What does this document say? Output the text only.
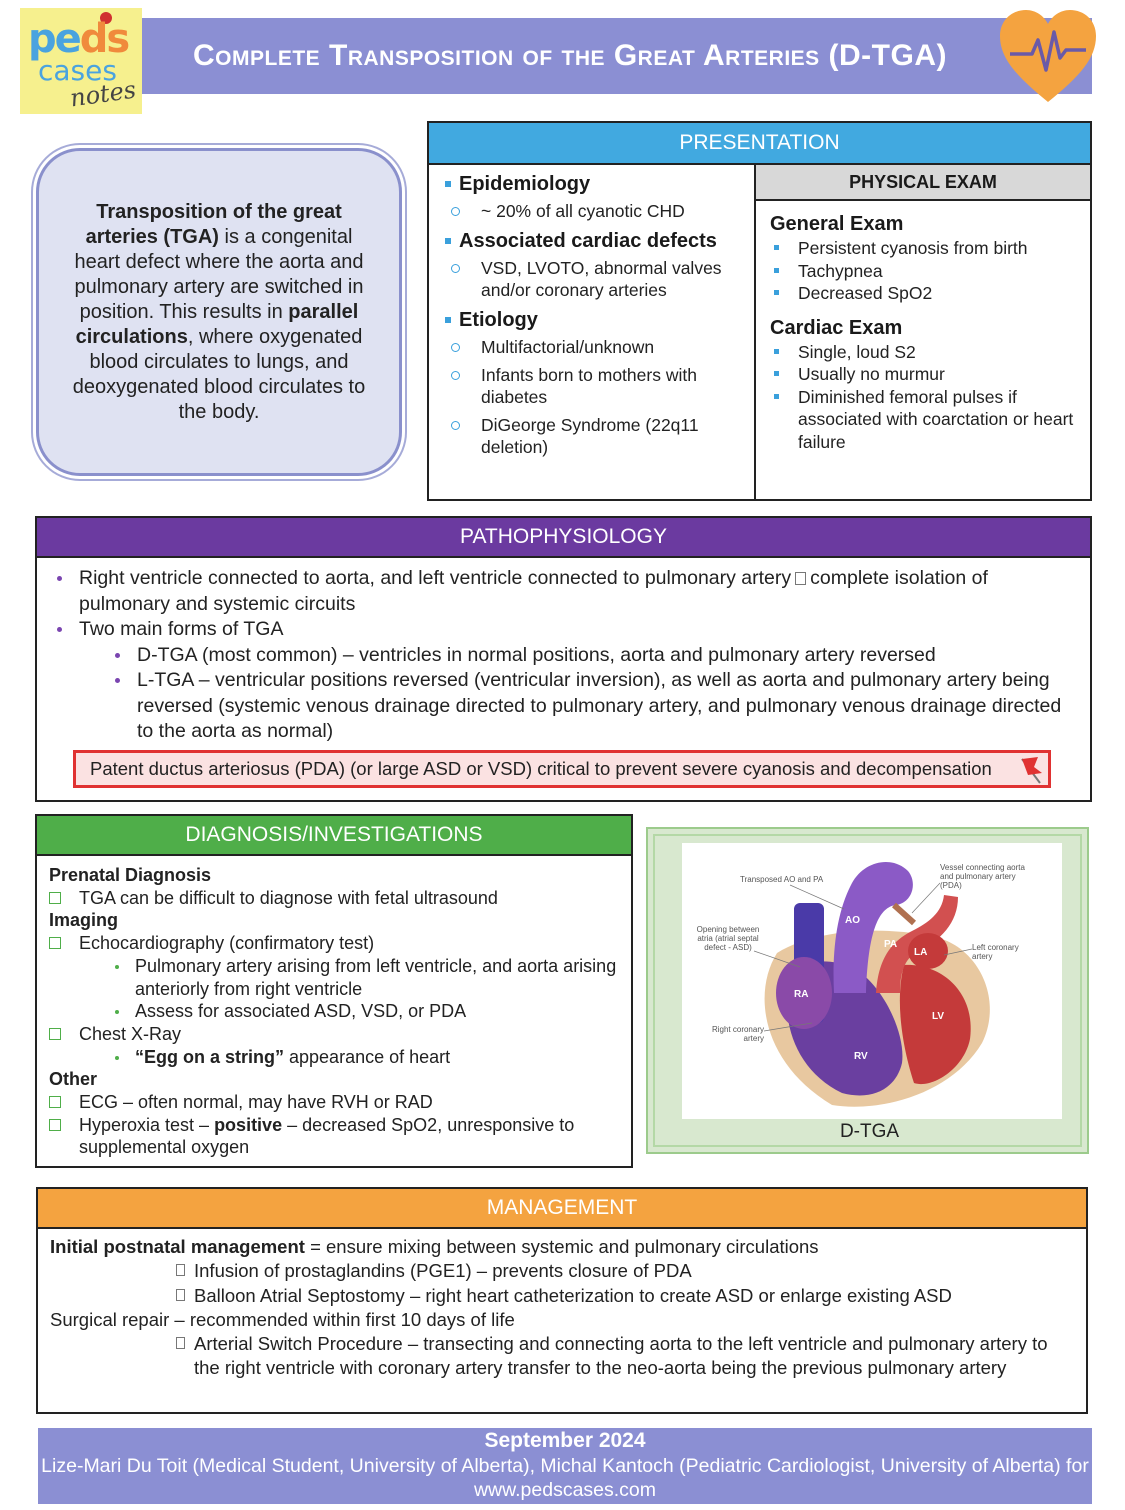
peds
cases
notes
Complete Transposition of the Great Arteries (D-TGA)

Transposition of the great arteries (TGA) is a congenital heart defect where the aorta and pulmonary artery are switched in position. This results in parallel circulations, where oxygenated blood circulates to lungs, and deoxygenated blood circulates to the body.

PRESENTATION
Epidemiology
~ 20% of all cyanotic CHD
Associated cardiac defects
VSD, LVOTO, abnormal valves and/or coronary arteries
Etiology
Multifactorial/unknown
Infants born to mothers with diabetes
DiGeorge Syndrome (22q11 deletion)
PHYSICAL EXAM
General Exam
Persistent cyanosis from birth
Tachypnea
Decreased SpO2
Cardiac Exam
Single, loud S2
Usually no murmur
Diminished femoral pulses if associated with coarctation or heart failure
PATHOPHYSIOLOGY
Right ventricle connected to aorta, and left ventricle connected to pulmonary artery complete isolation of pulmonary and systemic circuits
Two main forms of TGA
D-TGA (most common) – ventricles in normal positions, aorta and pulmonary artery reversed
L-TGA – ventricular positions reversed (ventricular inversion), as well as aorta and pulmonary artery being reversed (systemic venous drainage directed to pulmonary artery, and pulmonary venous drainage directed to the aorta as normal)
Patent ductus arteriosus (PDA) (or large ASD or VSD) critical to prevent severe cyanosis and decompensation
DIAGNOSIS/INVESTIGATIONS
Prenatal Diagnosis
TGA can be difficult to diagnose with fetal ultrasound
Imaging
Echocardiography (confirmatory test)
Pulmonary artery arising from left ventricle, and aorta arising anteriorly from right ventricle
Assess for associated ASD, VSD, or PDA
Chest X-Ray
“Egg on a string” appearance of heart
Other
ECG – often normal, may have RVH or RAD
Hyperoxia test – positive – decreased SpO2, unresponsive to supplemental oxygen
Transposed AO and PA
Vessel connecting aorta and pulmonary artery (PDA)
Opening between atria (atrial septal defect - ASD)	Left coronary artery
Right coronary artery
AO
PA
LA
RA
LV
RV
D-TGA
MANAGEMENT
Initial postnatal management = ensure mixing between systemic and pulmonary circulations
Infusion of prostaglandins (PGE1) – prevents closure of PDA
Balloon Atrial Septostomy – right heart catheterization to create ASD or enlarge existing ASD
Surgical repair – recommended within first 10 days of life
Arterial Switch Procedure – transecting and connecting aorta to the left ventricle and pulmonary artery to the right ventricle with coronary artery transfer to the neo-aorta being the previous pulmonary artery
September 2024
Lize-Mari Du Toit (Medical Student, University of Alberta), Michal Kantoch (Pediatric Cardiologist, University of Alberta) for www.pedscases.com
